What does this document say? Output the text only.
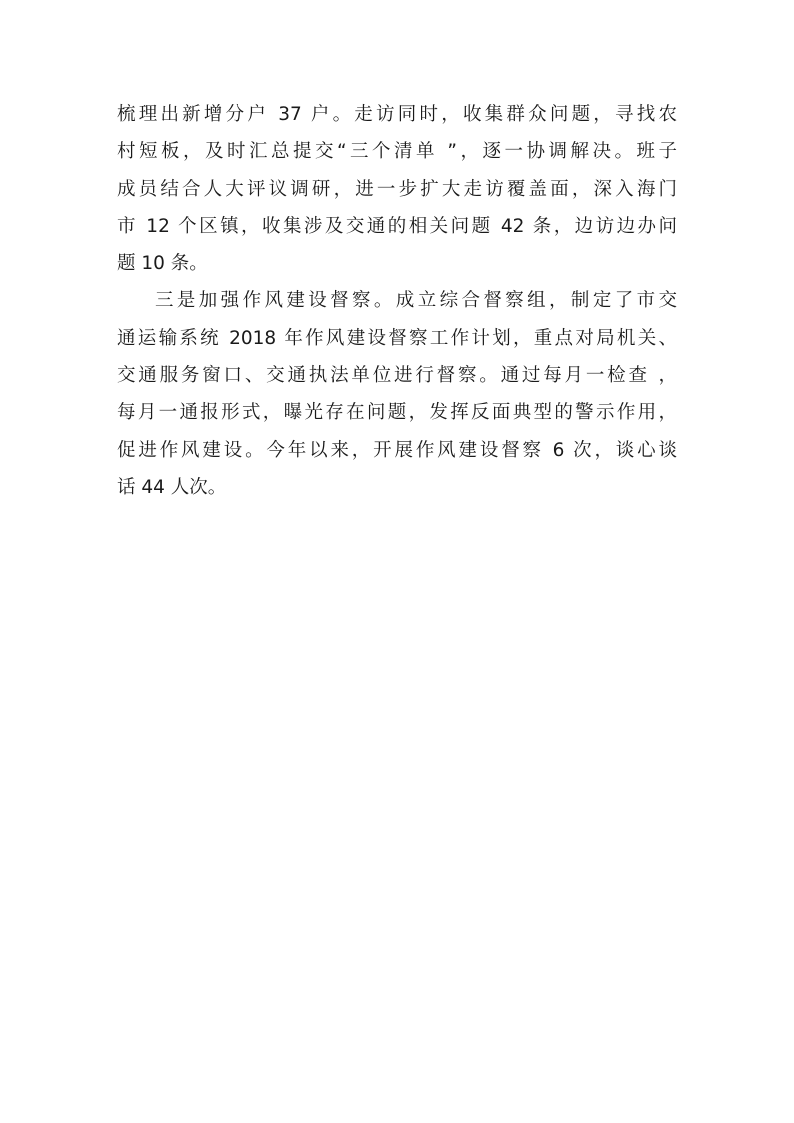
梳理出新增分户 37 户。走访同时，收集群众问题，寻找农
村短板，及时汇总提交“三个清单 ”，逐一协调解决。班子
成员结合人大评议调研，进一步扩大走访覆盖面，深入海门
市 12 个区镇，收集涉及交通的相关问题 42 条，边访边办问
题 10 条。
三是加强作风建设督察。成立综合督察组，制定了市交
通运输系统 2018 年作风建设督察工作计划，重点对局机关、
交通服务窗口、交通执法单位进行督察。通过每月一检查 ，
每月一通报形式，曝光存在问题，发挥反面典型的警示作用，
促进作风建设。今年以来，开展作风建设督察 6 次，谈心谈
话 44 人次。
